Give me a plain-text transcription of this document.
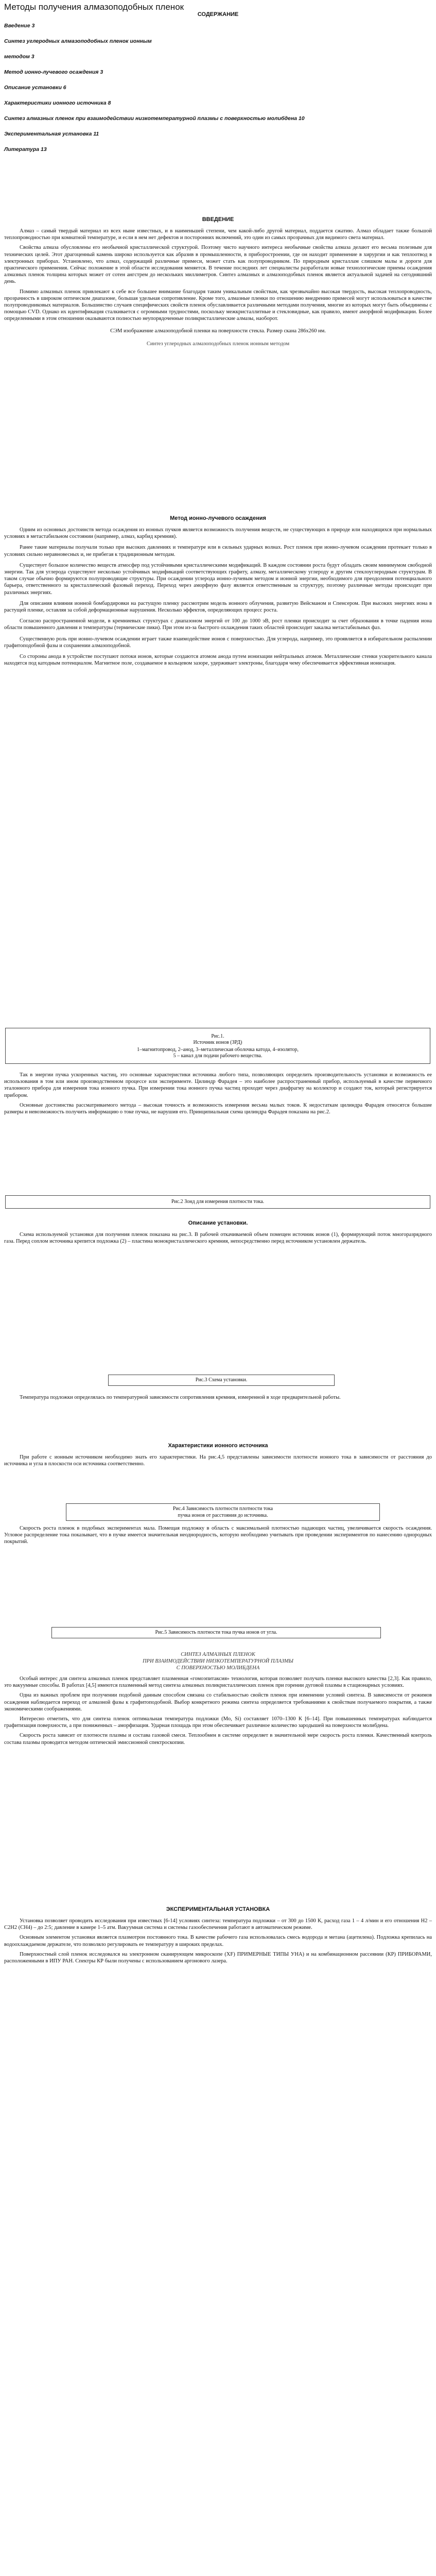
Методы получения алмазоподобных пленок
СОДЕРЖАНИЕ
Введение 3
Синтез углеродных алмазоподобных пленок ионным
методом 3
Метод ионно-лучевого осаждения 3
Описание установки 6
Характеристики ионного источника 8
Синтез алмазных пленок при взаимодействии низкотемпературной плазмы с поверхностью молибдена 10
Экспериментальная установка 11
Литература 13
ВВЕДЕНИЕ

Алмаз – самый твердый материал из всех ныне известных, и в наименьшей степени, чем какой-либо другой материал, поддается сжатию. Алмаз обладает также большой теплопроводностью при комнатной температуре, и если в нем нет дефектов и посторонних включений, это один из самых прозрачных для видимого света материал.

Свойства алмаза обусловлены его необычной кристаллической структурой. Поэтому чисто научного интереса необычные свойства алмаза делают его весьма полезным для технических целей. Этот драгоценный камень широко используется как абразив в промышленности, в приборостроении, где он находит применение в хирургии и как теплоотвод в электронных приборах. Установлено, что алмаз, содержащий различные примеси, может стать как полупроводником. По природным кристаллам слишком малы и дороги для практического применения. Сейчас положение в этой области исследования меняется. В течение последних лет специалисты разработали новые технологические приемы осаждения алмазных пленок толщина которых может от сотен ангстрем до нескольких миллиметров. Синтез алмазных и алмазоподобных пленок является актуальной задачей на сегодняшний день.

Помимо алмазных пленок привлекают к себе все большее внимание благодаря таким уникальным свойствам, как чрезвычайно высокая твердость, высокая теплопроводность, прозрачность в широком оптическом диапазоне, большая удельная сопротивление. Кроме того, алмазные пленки по отношению внедрению примесей могут использоваться в качестве полупроводниковых материалов. Большинство случаев специфических свойств пленок обуславливается различными методами получения, многие из которых могут быть объединены с помощью CVD. Однако их идентификация сталкивается с огромными трудностями, поскольку межкристаллитные и стекловидные, как правило, имеют аморфной модификации. Более определенными в этом отношении оказываются полностью неупорядоченные поликристаллические алмазы, наоборот.

СЭМ изображение алмазоподобной пленки на поверхности стекла. Размер скана 286х260 нм.

Синтез углеродных алмазоподобных пленок ионным методом

Метод ионно-лучевого осаждения

Одним из основных достоинств метода осаждения из ионных пучков является возможность получения веществ, не существующих в природе или находящихся при нормальных условиях в метастабильном состоянии (например, алмаз, карбид кремния).

Ранее такие материалы получали только при высоких давлениях и температуре или в сильных ударных волнах. Рост пленок при ионно-лучевом осаждении протекает только в условиях сильно неравновесных и, не прибегая к традиционным методам.

Существует большое количество веществ атмосфер под устойчивыми кристаллическими модификаций. В каждом состоянии роста будут обладать своим минимумом свободной энергии. Так для углерода существуют несколько устойчивых модификаций соответствующих графиту, алмазу, металлическому углероду и другим стеклоуглеродным структурам. В таком случае обычно формируются полупроводящие структуры. При осаждении углерода ионно-лучевым методом и ионной энергии, необходимого для преодоления потенциального барьера, ответственного за кристаллический фазовый переход. Переход через аморфную фазу является ответственным за структуру, поэтому различные методы происходят при различных энергиях.

Для описания влияния ионной бомбардировки на растущую пленку рассмотрим модель ионного облучения, развитую Вейсманом и Спенсером. При высоких энергиях иона в растущей пленке, оставляя за собой деформационные нарушения. Несколько эффектов, определяющих процесс роста.

Согласно распространенной модели, в кремниевых структурах с диапазоном энергий от 100 до 1000 эВ, рост пленки происходит за счет образования в точке падения иона области повышенного давления и температуры (термические пики). При этом из-за быстрого охлаждения таких областей происходит закалка метастабильных фаз.

Существенную роль при ионно-лучевом осаждении играет также взаимодействие ионов с поверхностью. Для углерода, например, это проявляется в избирательном распылении графитоподобной фазы и сохранении алмазоподобной.

Со стороны анода в устройстве поступают потоки ионов, которые создаются атомом анода путем ионизации нейтральных атомов. Металлические стенки ускорительного канала находятся под катодным потенциалом. Магнитное поле, создаваемое в кольцевом зазоре, удерживает электроны, благодаря чему обеспечивается эффективная ионизация.

Рис.1.
Источник ионов (ЗРД)
1–магнитопровод, 2–анод, 3–металлическая оболочка катода, 4–изолятор,
5 – канал для подачи рабочего вещества.

Так в энергии пучка ускоренных частиц, это основные характеристики источника любого типа, позволяющих определить производительность установки и возможность ее использования в том или ином производственном процессе или эксперименте. Цилиндр Фарадея – это наиболее распространенный прибор, используемый в качестве первичного эталонного прибора для измерения тока ионного пучка. При измерении тока ионного пучка частиц проходят через диафрагму на коллектор и создают ток, который регистрируется прибором.

Основные достоинства рассматриваемого метода – высокая точность и возможность измерения весьма малых токов. К недостаткам цилиндра Фарадея относятся большие размеры и невозможность получить информацию о токе пучка, не нарушив его. Принципиальная схема цилиндра Фарадея показана на рис.2.

Рис.2 Зонд для измерения плотности тока.
Описание установки.

Схема используемой установки для получения пленок показана на рис.3. В рабочей откачиваемой объем помещен источник ионов (1), формирующий поток многоразрядного газа. Перед соплом источника крепится подложка (2) – пластина монокристаллического кремния, непосредственно перед источником установлен держатель.

Рис.3 Схема установки.

Температура подложки определялась по температурной зависимости сопротивления кремния, измеренной в ходе предварительной работы.

Характеристики ионного источника

При работе с ионным источником необходимо знать его характеристики. На рис.4,5 представлены зависимости плотности ионного тока в зависимости от расстояния до источника и угла в плоскости оси источника соответственно.

Рис.4 Зависимость плотности плотности тока
пучка ионов от расстояния до источника.

Скорость роста пленок в подобных экспериментах мала. Помещая подложку в область с максимальной плотностью падающих частиц, увеличивается скорость осаждения. Угловое распределение тока показывает, что в пучке имеется значительная неоднородность, которую необходимо учитывать при проведении экспериментов по нанесению однородных покрытий.

Рис.5 Зависимость плотности тока пучка ионов от угла.

СИНТЕЗ АЛМАЗНЫХ ПЛЕНОК

ПРИ ВЗАИМОДЕЙСТВИИ НИЗКОТЕМПЕРАТУРНОЙ ПЛАЗМЫ

С ПОВЕРХНОСТЬЮ МОЛИБДЕНА

Особый интерес для синтеза алмазных пленок представляет плазменная «гомоэпитаксия» технология, которая позволяет получать пленки высокого качества [2,3]. Как правило, это вакуумные способы. В работах [4,5] имеются плазменный метод синтеза алмазных поликристаллических пленок при горении дуговой плазмы в стационарных условиях.

Одна из важных проблем при получении подобной данным способом связана со стабильностью свойств пленок при изменении условий синтеза. В зависимости от режимов осаждения наблюдается переход от алмазной фазы к графитоподобной. Выбор конкретного режима синтеза определяется требованиями к свойствам получаемого покрытия, а также экономическими соображениями.

Интересно отметить, что для синтеза пленок оптимальная температура подложки (Mo, Si) составляет 1070–1300 К [6–14]. При повышенных температурах наблюдается графитизация поверхности, а при пониженных – аморфизация. Ударная площадь при этом обеспечивает различное количество зародышей на поверхности молибдена.

Скорость роста зависит от плотности плазмы и состава газовой смеси. Теплообмен в системе определяет в значительной мере скорость роста пленки. Качественный контроль состава плазмы проводится методом оптической эмиссионной спектроскопии.

ЭКСПЕРИМЕНТАЛЬНАЯ УСТАНОВКА

Установка позволяет проводить исследования при известных [6-14] условиях синтеза: температура подложки – от 300 до 1500 К, расход газа 1 – 4 л/мин и его отношения H2 – C2H2 (CH4) – до 2:5; давление в камере 1–5 атм. Вакуумная система и системы газообеспечения работают в автоматическом режиме.

Основным элементом установки является плазмотрон постоянного тока. В качестве рабочего газа использовалась смесь водорода и метана (ацетилена). Подложка крепилась на водоохлаждаемом держателе, что позволяло регулировать ее температуру в широких пределах.

Поверхностный слой пленок исследовался на электронном сканирующем микроскопе (XF) ПРИМЕРНЫЕ ТИПЫ УНА) и на комбинационном рассеянии (КР) ПРИБОРАМИ, расположенными в ИПУ РАН. Спектры КР были получены с использованием аргонового лазера.
